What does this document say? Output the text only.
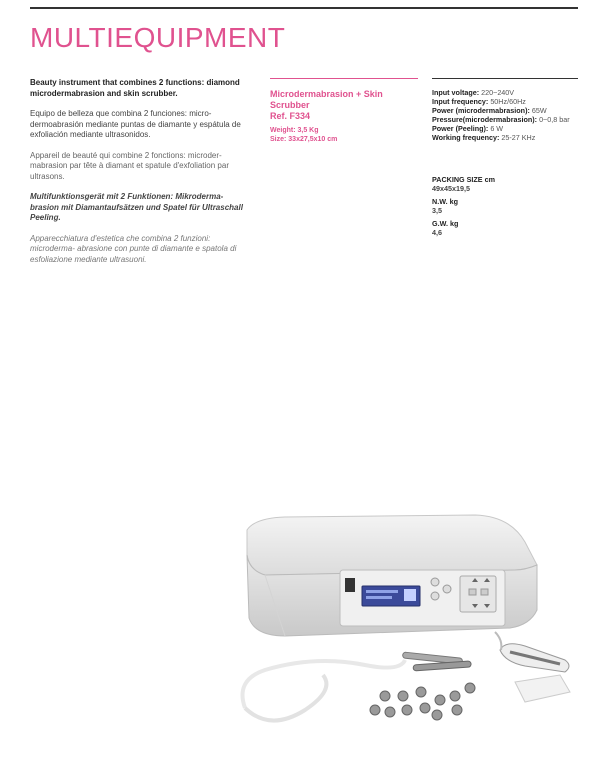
MULTIEQUIPMENT

Beauty instrument that combines 2 functions: diamond microdermabrasion and skin scrubber.

Equipo de belleza que combina 2 funciones: micro-dermoabrasión mediante puntas de diamante y espátula de exfoliación mediante ultrasonidos.

Appareil de beauté qui combine 2 fonctions: microder-mabrasion par tête à diamant et spatule d'exfoliation par ultrasons.

Multifunktionsgerät mit 2 Funktionen: Mikroderma-brasion mit Diamantaufsätzen und Spatel für Ultraschall Peeling.

Apparecchiatura d'estetica che combina 2 funzioni: microderma- abrasione con punte di diamante e spatola di esfoliazione mediante ultrasuoni.

Microdermabrasion + Skin Scrubber
Ref. F334
Weight: 3,5 Kg
Size: 33x27,5x10 cm
Input voltage: 220~240V
Input frequency: 50Hz/60Hz
Power (microdermabrasion): 65W
Pressure(microdermabrasion): 0~0,8 bar
Power (Peeling): 6 W
Working frequency: 25-27 KHz
PACKING SIZE cm
49x45x19,5
N.W. kg
3,5
G.W. kg
4,6
